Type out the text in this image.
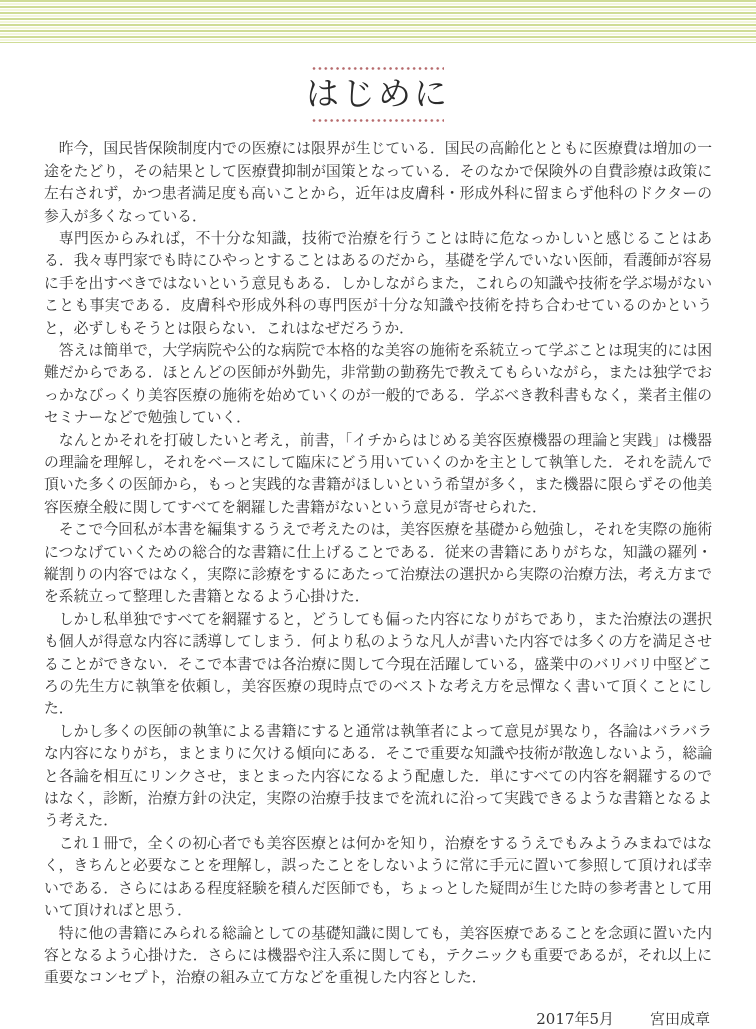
はじめに

昨今，国民皆保険制度内での医療には限界が生じている．国民の高齢化とともに医療費は増加の一途をたどり，その結果として医療費抑制が国策となっている．そのなかで保険外の自費診療は政策に左右されず，かつ患者満足度も高いことから，近年は皮膚科・形成外科に留まらず他科のドクターの参入が多くなっている．

専門医からみれば，不十分な知識，技術で治療を行うことは時に危なっかしいと感じることはある．我々専門家でも時にひやっとすることはあるのだから，基礎を学んでいない医師，看護師が容易に手を出すべきではないという意見もある．しかしながらまた，これらの知識や技術を学ぶ場がないことも事実である．皮膚科や形成外科の専門医が十分な知識や技術を持ち合わせているのかというと，必ずしもそうとは限らない．これはなぜだろうか．

答えは簡単で，大学病院や公的な病院で本格的な美容の施術を系統立って学ぶことは現実的には困難だからである．ほとんどの医師が外勤先，非常勤の勤務先で教えてもらいながら，または独学でおっかなびっくり美容医療の施術を始めていくのが一般的である．学ぶべき教科書もなく，業者主催のセミナーなどで勉強していく．

なんとかそれを打破したいと考え，前書，「イチからはじめる美容医療機器の理論と実践」は機器の理論を理解し，それをベースにして臨床にどう用いていくのかを主として執筆した．それを読んで頂いた多くの医師から，もっと実践的な書籍がほしいという希望が多く，また機器に限らずその他美容医療全般に関してすべてを網羅した書籍がないという意見が寄せられた．

そこで今回私が本書を編集するうえで考えたのは，美容医療を基礎から勉強し，それを実際の施術につなげていくための総合的な書籍に仕上げることである．従来の書籍にありがちな，知識の羅列・縦割りの内容ではなく，実際に診療をするにあたって治療法の選択から実際の治療方法，考え方までを系統立って整理した書籍となるよう心掛けた．

しかし私単独ですべてを網羅すると，どうしても偏った内容になりがちであり，また治療法の選択も個人が得意な内容に誘導してしまう．何より私のような凡人が書いた内容では多くの方を満足させることができない．そこで本書では各治療に関して今現在活躍している，盛業中のバリバリ中堅どころの先生方に執筆を依頼し，美容医療の現時点でのベストな考え方を忌憚なく書いて頂くことにした．

しかし多くの医師の執筆による書籍にすると通常は執筆者によって意見が異なり，各論はバラバラな内容になりがち，まとまりに欠ける傾向にある．そこで重要な知識や技術が散逸しないよう，総論と各論を相互にリンクさせ，まとまった内容になるよう配慮した．単にすべての内容を網羅するのではなく，診断，治療方針の決定，実際の治療手技までを流れに沿って実践できるような書籍となるよう考えた．

これ１冊で，全くの初心者でも美容医療とは何かを知り，治療をするうえでもみようみまねではなく，きちんと必要なことを理解し，誤ったことをしないように常に手元に置いて参照して頂ければ幸いである．さらにはある程度経験を積んだ医師でも，ちょっとした疑問が生じた時の参考書として用いて頂ければと思う．

特に他の書籍にみられる総論としての基礎知識に関しても，美容医療であることを念頭に置いた内容となるよう心掛けた．さらには機器や注入系に関しても，テクニックも重要であるが，それ以上に重要なコンセプト，治療の組み立て方などを重視した内容とした．

2017年5月 宮田成章
